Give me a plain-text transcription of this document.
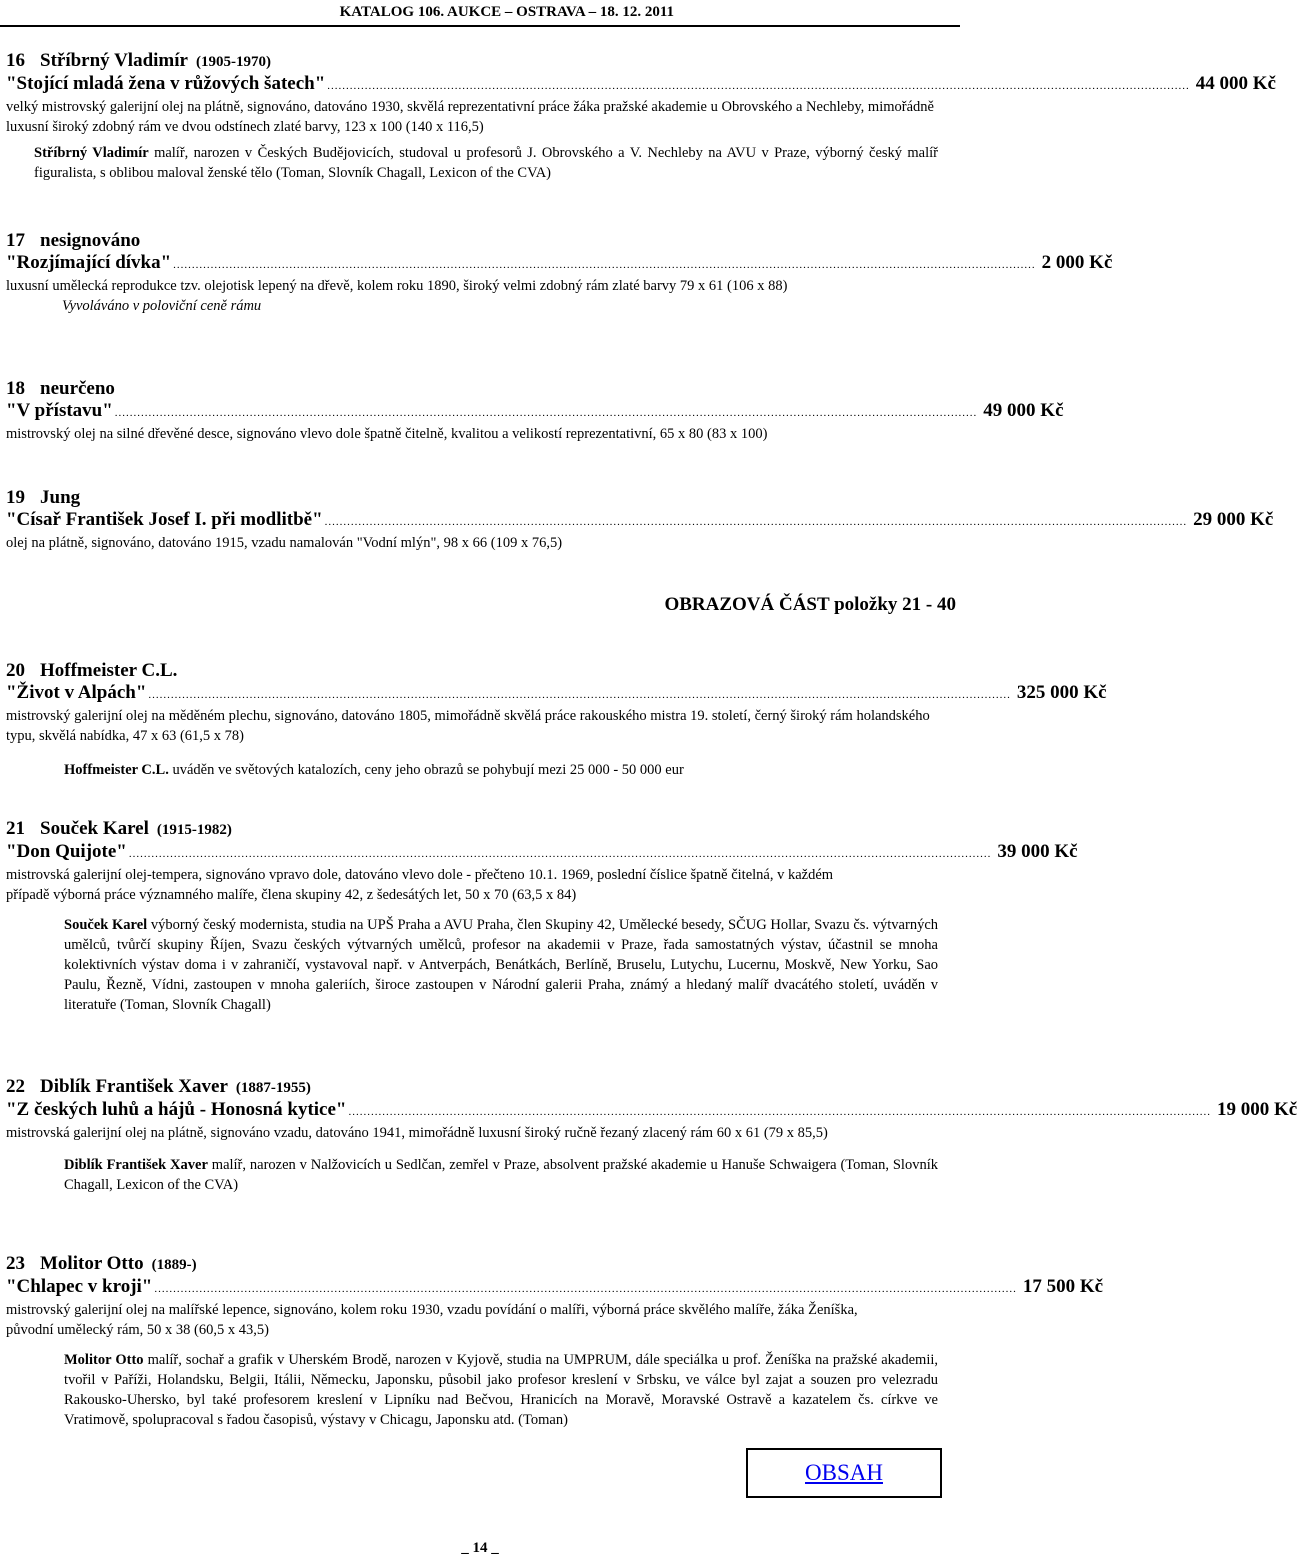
KATALOG 106. AUKCE – OSTRAVA – 18. 12. 2011
16 Stříbrný Vladimír (1905-1970)
"Stojící mladá žena v růžových šatech" ...................................................................................................................................................................................................................................... 44 000 Kč
velký mistrovský galerijní olej na plátně, signováno, datováno 1930, skvělá reprezentativní práce žáka pražské akademie u Obrovského a Nechleby, mimořádně luxusní široký zdobný rám ve dvou odstínech zlaté barvy, 123 x 100 (140 x 116,5)
Stříbrný Vladimír malíř, narozen v Českých Budějovicích, studoval u profesorů J. Obrovského a V. Nechleby na AVU v Praze, výborný český malíř figuralista, s oblibou maloval ženské tělo (Toman, Slovník Chagall, Lexicon of the CVA)
17 nesignováno
"Rozjímající dívka" ...................................................................................................................................................................................................................................... 2 000 Kč
luxusní umělecká reprodukce tzv. olejotisk lepený na dřevě, kolem roku 1890, široký velmi zdobný rám zlaté barvy 79 x 61 (106 x 88)
Vyvoláváno v poloviční ceně rámu
18 neurčeno
"V přístavu" ...................................................................................................................................................................................................................................... 49 000 Kč
mistrovský olej na silné dřevěné desce, signováno vlevo dole špatně čitelně, kvalitou a velikostí reprezentativní, 65 x 80 (83 x 100)
19 Jung
"Císař František Josef I. při modlitbě" ...................................................................................................................................................................................................................................... 29 000 Kč
olej na plátně, signováno, datováno 1915, vzadu namalován "Vodní mlýn", 98 x 66 (109 x 76,5)
OBRAZOVÁ ČÁST položky 21 - 40
20 Hoffmeister C.L.
"Život v Alpách" ...................................................................................................................................................................................................................................... 325 000 Kč
mistrovský galerijní olej na měděném plechu, signováno, datováno 1805, mimořádně skvělá práce rakouského mistra 19. století, černý široký rám holandského typu, skvělá nabídka, 47 x 63 (61,5 x 78)
Hoffmeister C.L. uváděn ve světových katalozích, ceny jeho obrazů se pohybují mezi 25 000 - 50 000 eur
21 Souček Karel (1915-1982)
"Don Quijote" ...................................................................................................................................................................................................................................... 39 000 Kč
mistrovská galerijní olej-tempera, signováno vpravo dole, datováno vlevo dole - přečteno 10.1. 1969, poslední číslice špatně čitelná, v každém případě výborná práce významného malíře, člena skupiny 42, z šedesátých let, 50 x 70 (63,5 x 84)
Souček Karel výborný český modernista, studia na UPŠ Praha a AVU Praha, člen Skupiny 42, Umělecké besedy, SČUG Hollar, Svazu čs. výtvarných umělců, tvůrčí skupiny Říjen, Svazu českých výtvarných umělců, profesor na akademii v Praze, řada samostatných výstav, účastnil se mnoha kolektivních výstav doma i v zahraničí, vystavoval např. v Antverpách, Benátkách, Berlíně, Bruselu, Lutychu, Lucernu, Moskvě, New Yorku, Sao Paulu, Řezně, Vídni, zastoupen v mnoha galeriích, široce zastoupen v Národní galerii Praha, známý a hledaný malíř dvacátého století, uváděn v literatuře (Toman, Slovník Chagall)
22 Diblík František Xaver (1887-1955)
"Z českých luhů a hájů - Honosná kytice" ...................................................................................................................................................................................................................................... 19 000 Kč
mistrovská galerijní olej na plátně, signováno vzadu, datováno 1941, mimořádně luxusní široký ručně řezaný zlacený rám 60 x 61 (79 x 85,5)
Diblík František Xaver malíř, narozen v Nalžovicích u Sedlčan, zemřel v Praze, absolvent pražské akademie u Hanuše Schwaigera (Toman, Slovník Chagall, Lexicon of the CVA)
23 Molitor Otto (1889-)
"Chlapec v kroji" ...................................................................................................................................................................................................................................... 17 500 Kč
mistrovský galerijní olej na malířské lepence, signováno, kolem roku 1930, vzadu povídání o malíři, výborná práce skvělého malíře, žáka Ženíška, původní umělecký rám, 50 x 38 (60,5 x 43,5)
Molitor Otto malíř, sochař a grafik v Uherském Brodě, narozen v Kyjově, studia na UMPRUM, dále speciálka u prof. Ženíška na pražské akademii, tvořil v Paříži, Holandsku, Belgii, Itálii, Německu, Japonsku, působil jako profesor kreslení v Srbsku, ve válce byl zajat a souzen pro velezradu Rakousko-Uhersko, byl také profesorem kreslení v Lipníku nad Bečvou, Hranicích na Moravě, Moravské Ostravě a kazatelem čs. církve ve Vratimově, spolupracoval s řadou časopisů, výstavy v Chicagu, Japonsku atd. (Toman)
OBSAH
_ 14 _
